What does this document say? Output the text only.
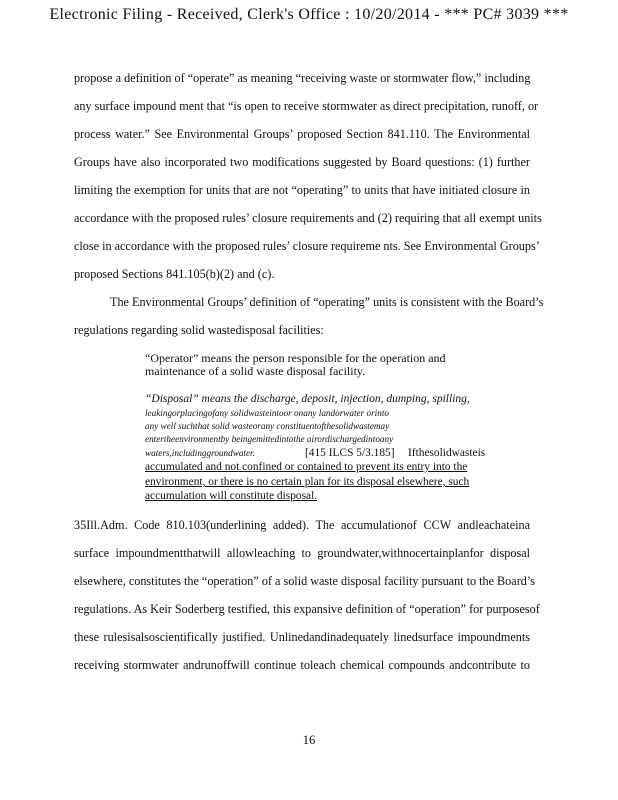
Electronic Filing - Received, Clerk's Office : 10/20/2014 - *** PC# 3039 ***
propose a definition of “operate” as meaning “receiving waste or stormwater flow,” including
any surface impound ment that “is open to receive stormwater as direct precipitation, runoff, or
process water.” See Environmental Groups’ proposed Section 841.110. The Environmental
Groups have also incorporated two modifications suggested by Board questions: (1) further
limiting the exemption for units that are not “operating” to units that have initiated closure in
accordance with the proposed rules’ closure requirements and (2) requiring that all exempt units
close in accordance with the proposed rules’ closure requireme nts. See Environmental Groups’
proposed Sections 841.105(b)(2) and (c).
The Environmental Groups’ definition of “operating” units is consistent with the Board’s
regulations regarding solid wastedisposal facilities:
“Operator” means the person responsible for the operation and
maintenance of a solid waste disposal facility.
“Disposal” means the discharge, deposit, injection, dumping, spilling,
leakingorplacingofany solidwasteintoor onany landorwater orinto
any well suchthat solid wasteorany constituentofthesolidwastemay
entertheenvironmentby beingemittedintothe airordischargedintoany
waters,includinggroundwater.	[415 ILCS 5/3.185] Ifthesolidwasteis
accumulated and not confined or contained to prevent its entry into the
environment, or there is no certain plan for its disposal elsewhere, such
accumulation will constitute disposal.
35Ill.Adm. Code 810.103(underlining added). The accumulationof CCW andleachateina
surface impoundmentthatwill allowleaching to groundwater,withnocertainplanfor disposal
elsewhere, constitutes the “operation” of a solid waste disposal facility pursuant to the Board’s
regulations. As Keir Soderberg testified, this expansive definition of “operation” for purposesof
these rulesisalsoscientifically justified. Unlinedandinadequately linedsurface impoundments
receiving stormwater andrunoffwill continue toleach chemical compounds andcontribute to
16
